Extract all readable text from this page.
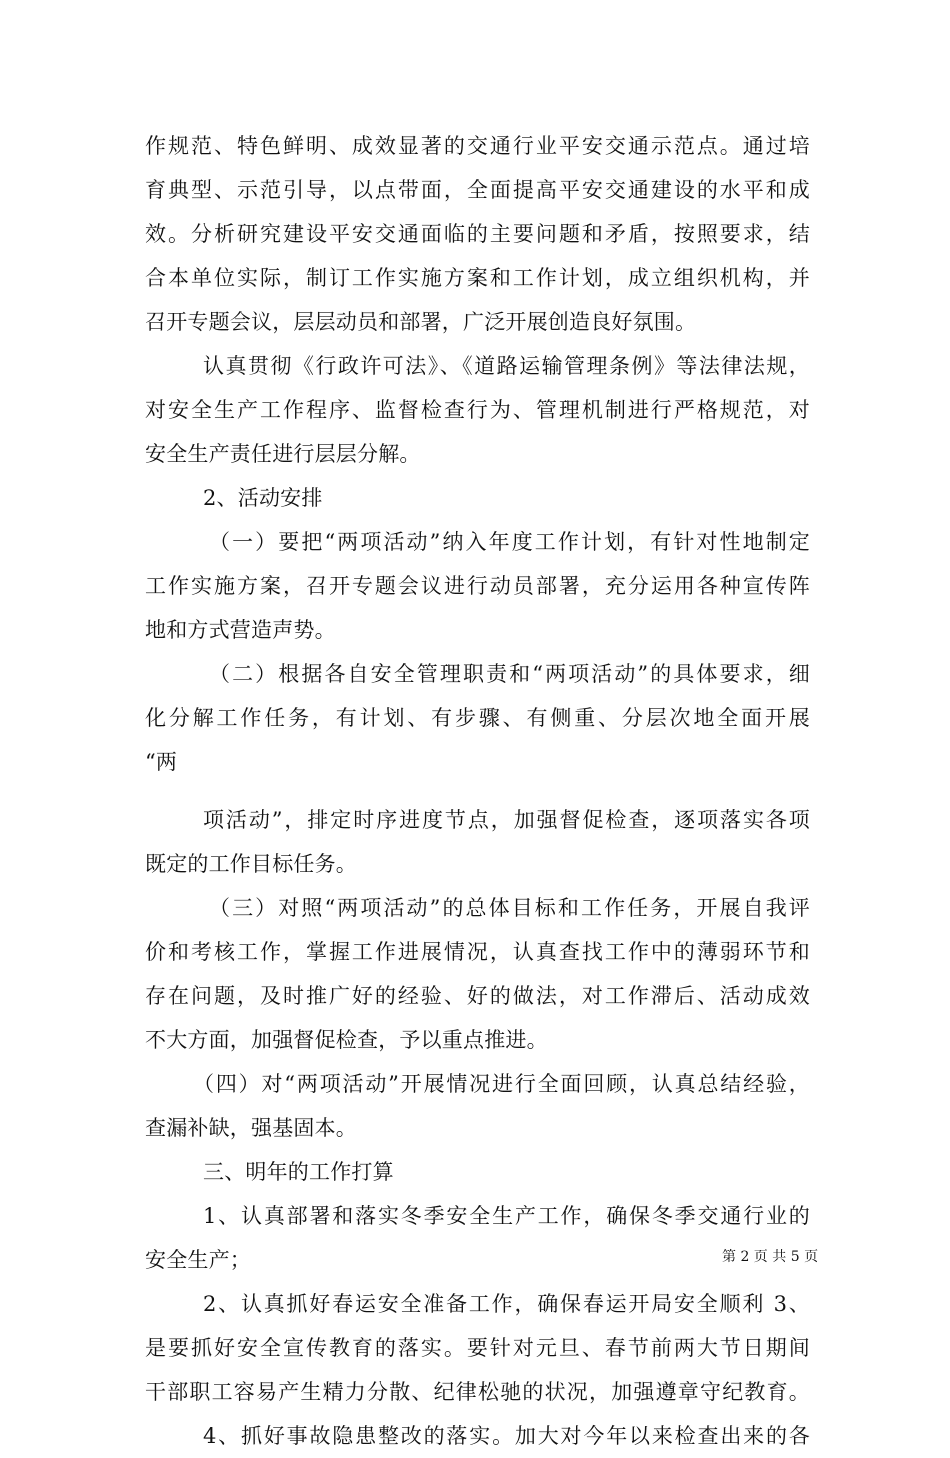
作规范、特色鲜明、成效显著的交通行业平安交通示范点。通过培
育典型、示范引导，以点带面，全面提高平安交通建设的水平和成
效。分析研究建设平安交通面临的主要问题和矛盾，按照要求，结
合本单位实际，制订工作实施方案和工作计划，成立组织机构，并
召开专题会议，层层动员和部署，广泛开展创造良好氛围。
认真贯彻《行政许可法》、《道路运输管理条例》等法律法规，
对安全生产工作程序、监督检查行为、管理机制进行严格规范，对
安全生产责任进行层层分解。
2、活动安排
（一）要把“两项活动”纳入年度工作计划，有针对性地制定
工作实施方案，召开专题会议进行动员部署，充分运用各种宣传阵
地和方式营造声势。
（二）根据各自安全管理职责和“两项活动”的具体要求，细
化分解工作任务，有计划、有步骤、有侧重、分层次地全面开展
“两
项活动”，排定时序进度节点，加强督促检查，逐项落实各项
既定的工作目标任务。
（三）对照“两项活动”的总体目标和工作任务，开展自我评
价和考核工作，掌握工作进展情况，认真查找工作中的薄弱环节和
存在问题，及时推广好的经验、好的做法，对工作滞后、活动成效
不大方面，加强督促检查，予以重点推进。
（四）对“两项活动”开展情况进行全面回顾，认真总结经验，
查漏补缺，强基固本。
三、明年的工作打算
1、认真部署和落实冬季安全生产工作，确保冬季交通行业的
安全生产；
2、认真抓好春运安全准备工作，确保春运开局安全顺利 3、
是要抓好安全宣传教育的落实。要针对元旦、春节前两大节日期间
干部职工容易产生精力分散、纪律松驰的状况，加强遵章守纪教育。
4、抓好事故隐患整改的落实。加大对今年以来检查出来的各
第 2 页 共 5 页
